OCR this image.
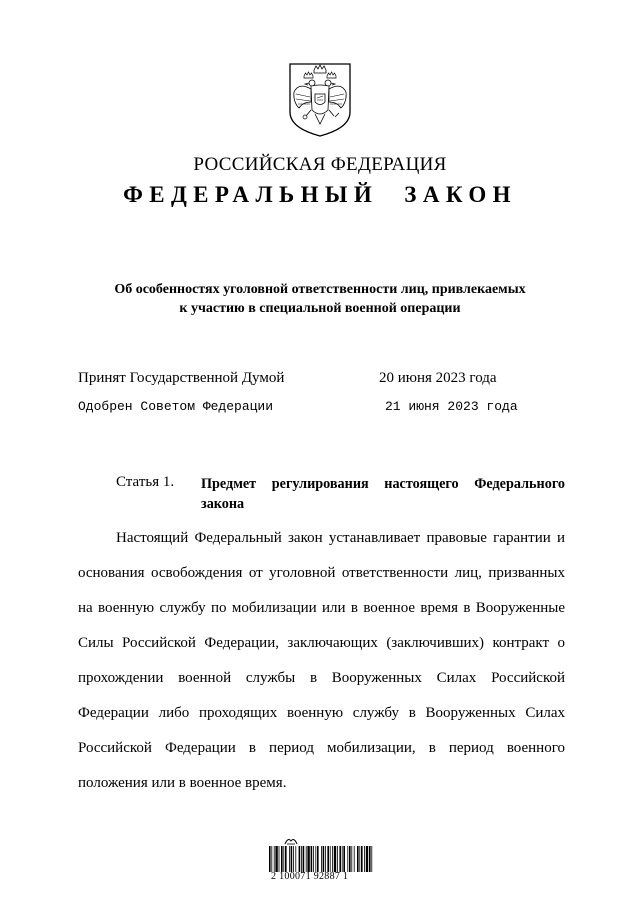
РОССИЙСКАЯ ФЕДЕРАЦИЯ
ФЕДЕРАЛЬНЫЙ ЗАКОН
Об особенностях уголовной ответственности лиц, привлекаемых
к участию в специальной военной операции
Принят Государственной Думой	20 июня 2023 года
Одобрен Советом Федерации	21 июня 2023 года
Статья 1. Предмет регулирования настоящего Федерального
закона
Настоящий Федеральный закон устанавливает правовые гарантии и
основания освобождения от уголовной ответственности лиц, призванных
на военную службу по мобилизации или в военное время в Вооруженные
Силы Российской Федерации, заключающих (заключивших) контракт о
прохождении военной службы в Вооруженных Силах Российской
Федерации либо проходящих военную службу в Вооруженных Силах
Российской Федерации в период мобилизации, в период военного
положения или в военное время.
2 100071 92887 1
